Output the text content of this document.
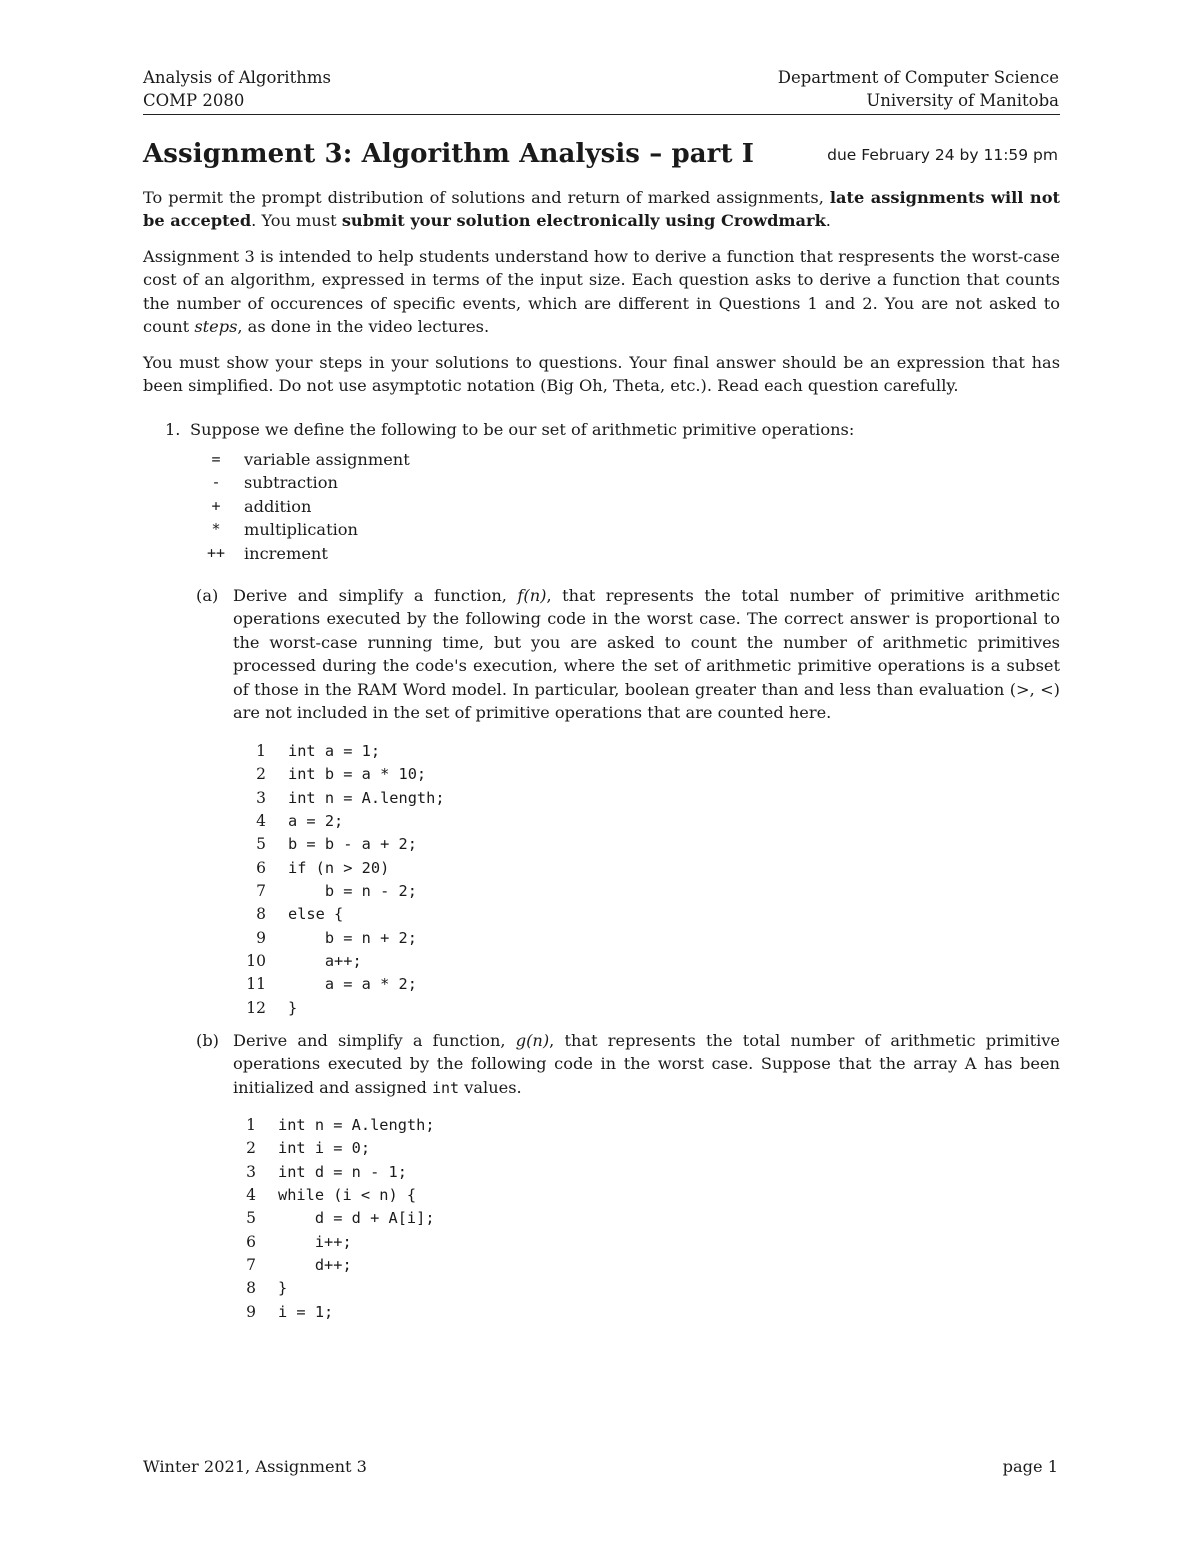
Analysis of Algorithms
COMP 2080
Department of Computer Science
University of Manitoba
Assignment 3: Algorithm Analysis – part I	due February 24 by 11:59 pm
To permit the prompt distribution of solutions and return of marked assignments, late assignments will not be accepted. You must submit your solution electronically using Crowdmark.
Assignment 3 is intended to help students understand how to derive a function that respresents the worst-case cost of an algorithm, expressed in terms of the input size. Each question asks to derive a function that counts the number of occurences of specific events, which are different in Questions 1 and 2. You are not asked to count steps, as done in the video lectures.
You must show your steps in your solutions to questions. Your final answer should be an expression that has been simplified. Do not use asymptotic notation (Big Oh, Theta, etc.). Read each question carefully.
1. Suppose we define the following to be our set of arithmetic primitive operations:
=	variable assignment
-	subtraction
+	addition
*	multiplication
++	increment
(a) Derive and simplify a function, f(n), that represents the total number of primitive arithmetic operations executed by the following code in the worst case. The correct answer is proportional to the worst-case running time, but you are asked to count the number of arithmetic primitives processed during the code's execution, where the set of arithmetic primitive operations is a subset of those in the RAM Word model. In particular, boolean greater than and less than evaluation (>, <) are not included in the set of primitive operations that are counted here.
1 int a = 1;
2 int b = a * 10;
3 int n = A.length;
4 a = 2;
5 b = b - a + 2;
6 if (n > 20)
7 b = n - 2;
8 else {
9 b = n + 2;
10 a++;
11 a = a * 2;
12 }
(b) Derive and simplify a function, g(n), that represents the total number of arithmetic primitive operations executed by the following code in the worst case. Suppose that the array A has been initialized and assigned int values.
1 int n = A.length;
2 int i = 0;
3 int d = n - 1;
4 while (i < n) {
5 d = d + A[i];
6 i++;
7 d++;
8 }
9 i = 1;
Winter 2021, Assignment 3	page 1
